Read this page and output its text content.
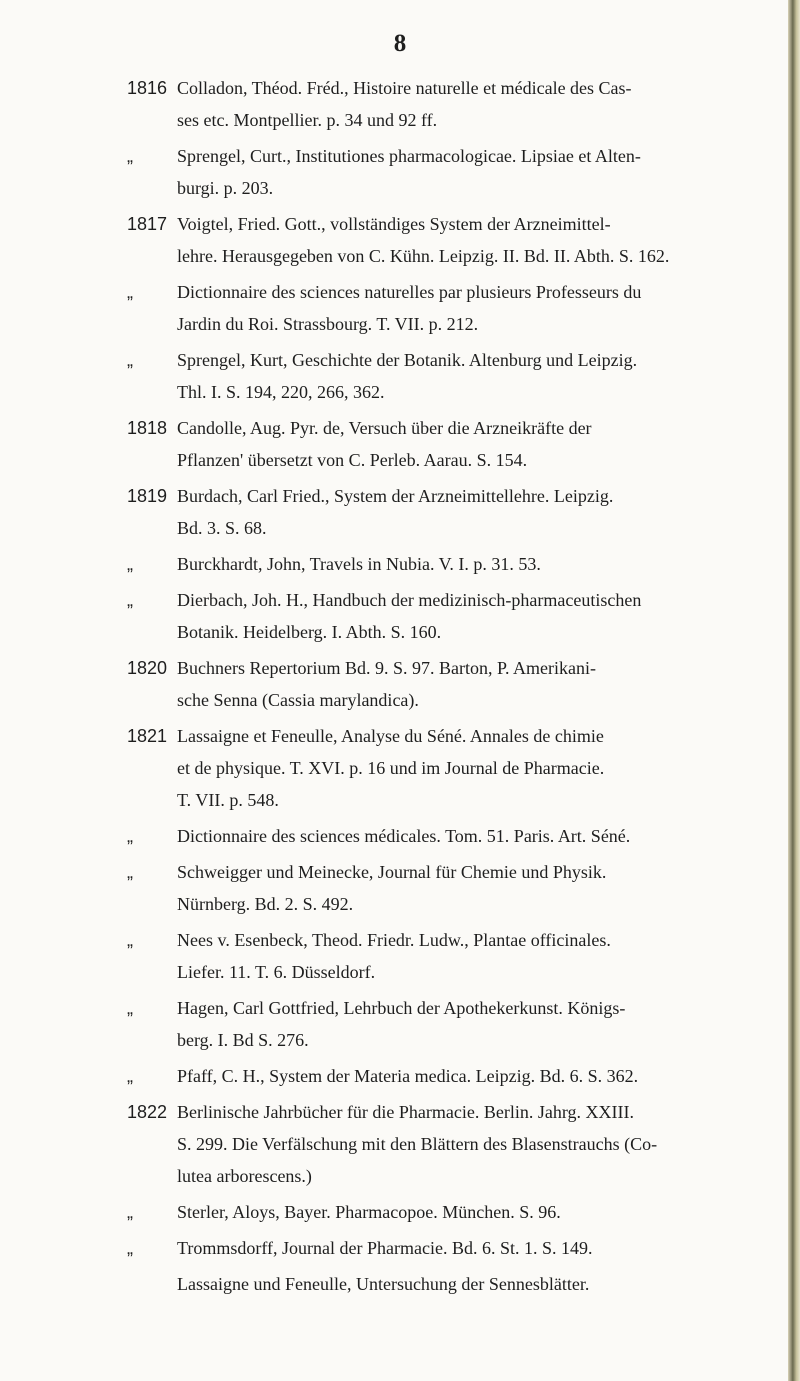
8
1816 Colladon, Théod. Fréd., Histoire naturelle et médicale des Cas-
ses etc. Montpellier. p. 34 und 92 ff.
„	Sprengel, Curt., Institutiones pharmacologicae. Lipsiae et Alten-
burgi. p. 203.
1817 Voigtel, Fried. Gott., vollständiges System der Arzneimittel-
lehre. Herausgegeben von C. Kühn. Leipzig. II. Bd. II. Abth. S. 162.
„	Dictionnaire des sciences naturelles par plusieurs Professeurs du
Jardin du Roi. Strassbourg. T. VII. p. 212.
„	Sprengel, Kurt, Geschichte der Botanik. Altenburg und Leipzig.
Thl. I. S. 194, 220, 266, 362.
1818 Candolle, Aug. Pyr. de, Versuch über die Arzneikräfte der
Pflanzen' übersetzt von C. Perleb. Aarau. S. 154.
1819 Burdach, Carl Fried., System der Arzneimittellehre. Leipzig.
Bd. 3. S. 68.
„	Burckhardt, John, Travels in Nubia. V. I. p. 31. 53.
„	Dierbach, Joh. H., Handbuch der medizinisch-pharmaceutischen
Botanik. Heidelberg. I. Abth. S. 160.
1820 Buchners Repertorium Bd. 9. S. 97. Barton, P. Amerikani-
sche Senna (Cassia marylandica).
1821 Lassaigne et Feneulle, Analyse du Séné. Annales de chimie
et de physique. T. XVI. p. 16 und im Journal de Pharmacie.
T. VII. p. 548.
„	Dictionnaire des sciences médicales. Tom. 51. Paris. Art. Séné.
„	Schweigger und Meinecke, Journal für Chemie und Physik.
Nürnberg. Bd. 2. S. 492.
„	Nees v. Esenbeck, Theod. Friedr. Ludw., Plantae officinales.
Liefer. 11. T. 6. Düsseldorf.
„	Hagen, Carl Gottfried, Lehrbuch der Apothekerkunst. Königs-
berg. I. Bd S. 276.
„	Pfaff, C. H., System der Materia medica. Leipzig. Bd. 6. S. 362.
1822 Berlinische Jahrbücher für die Pharmacie. Berlin. Jahrg. XXIII.
S. 299. Die Verfälschung mit den Blättern des Blasenstrauchs (Co-
lutea arborescens.)
„	Sterler, Aloys, Bayer. Pharmacopoe. München. S. 96.
„	Trommsdorff, Journal der Pharmacie. Bd. 6. St. 1. S. 149.
Lassaigne und Feneulle, Untersuchung der Sennesblätter.
